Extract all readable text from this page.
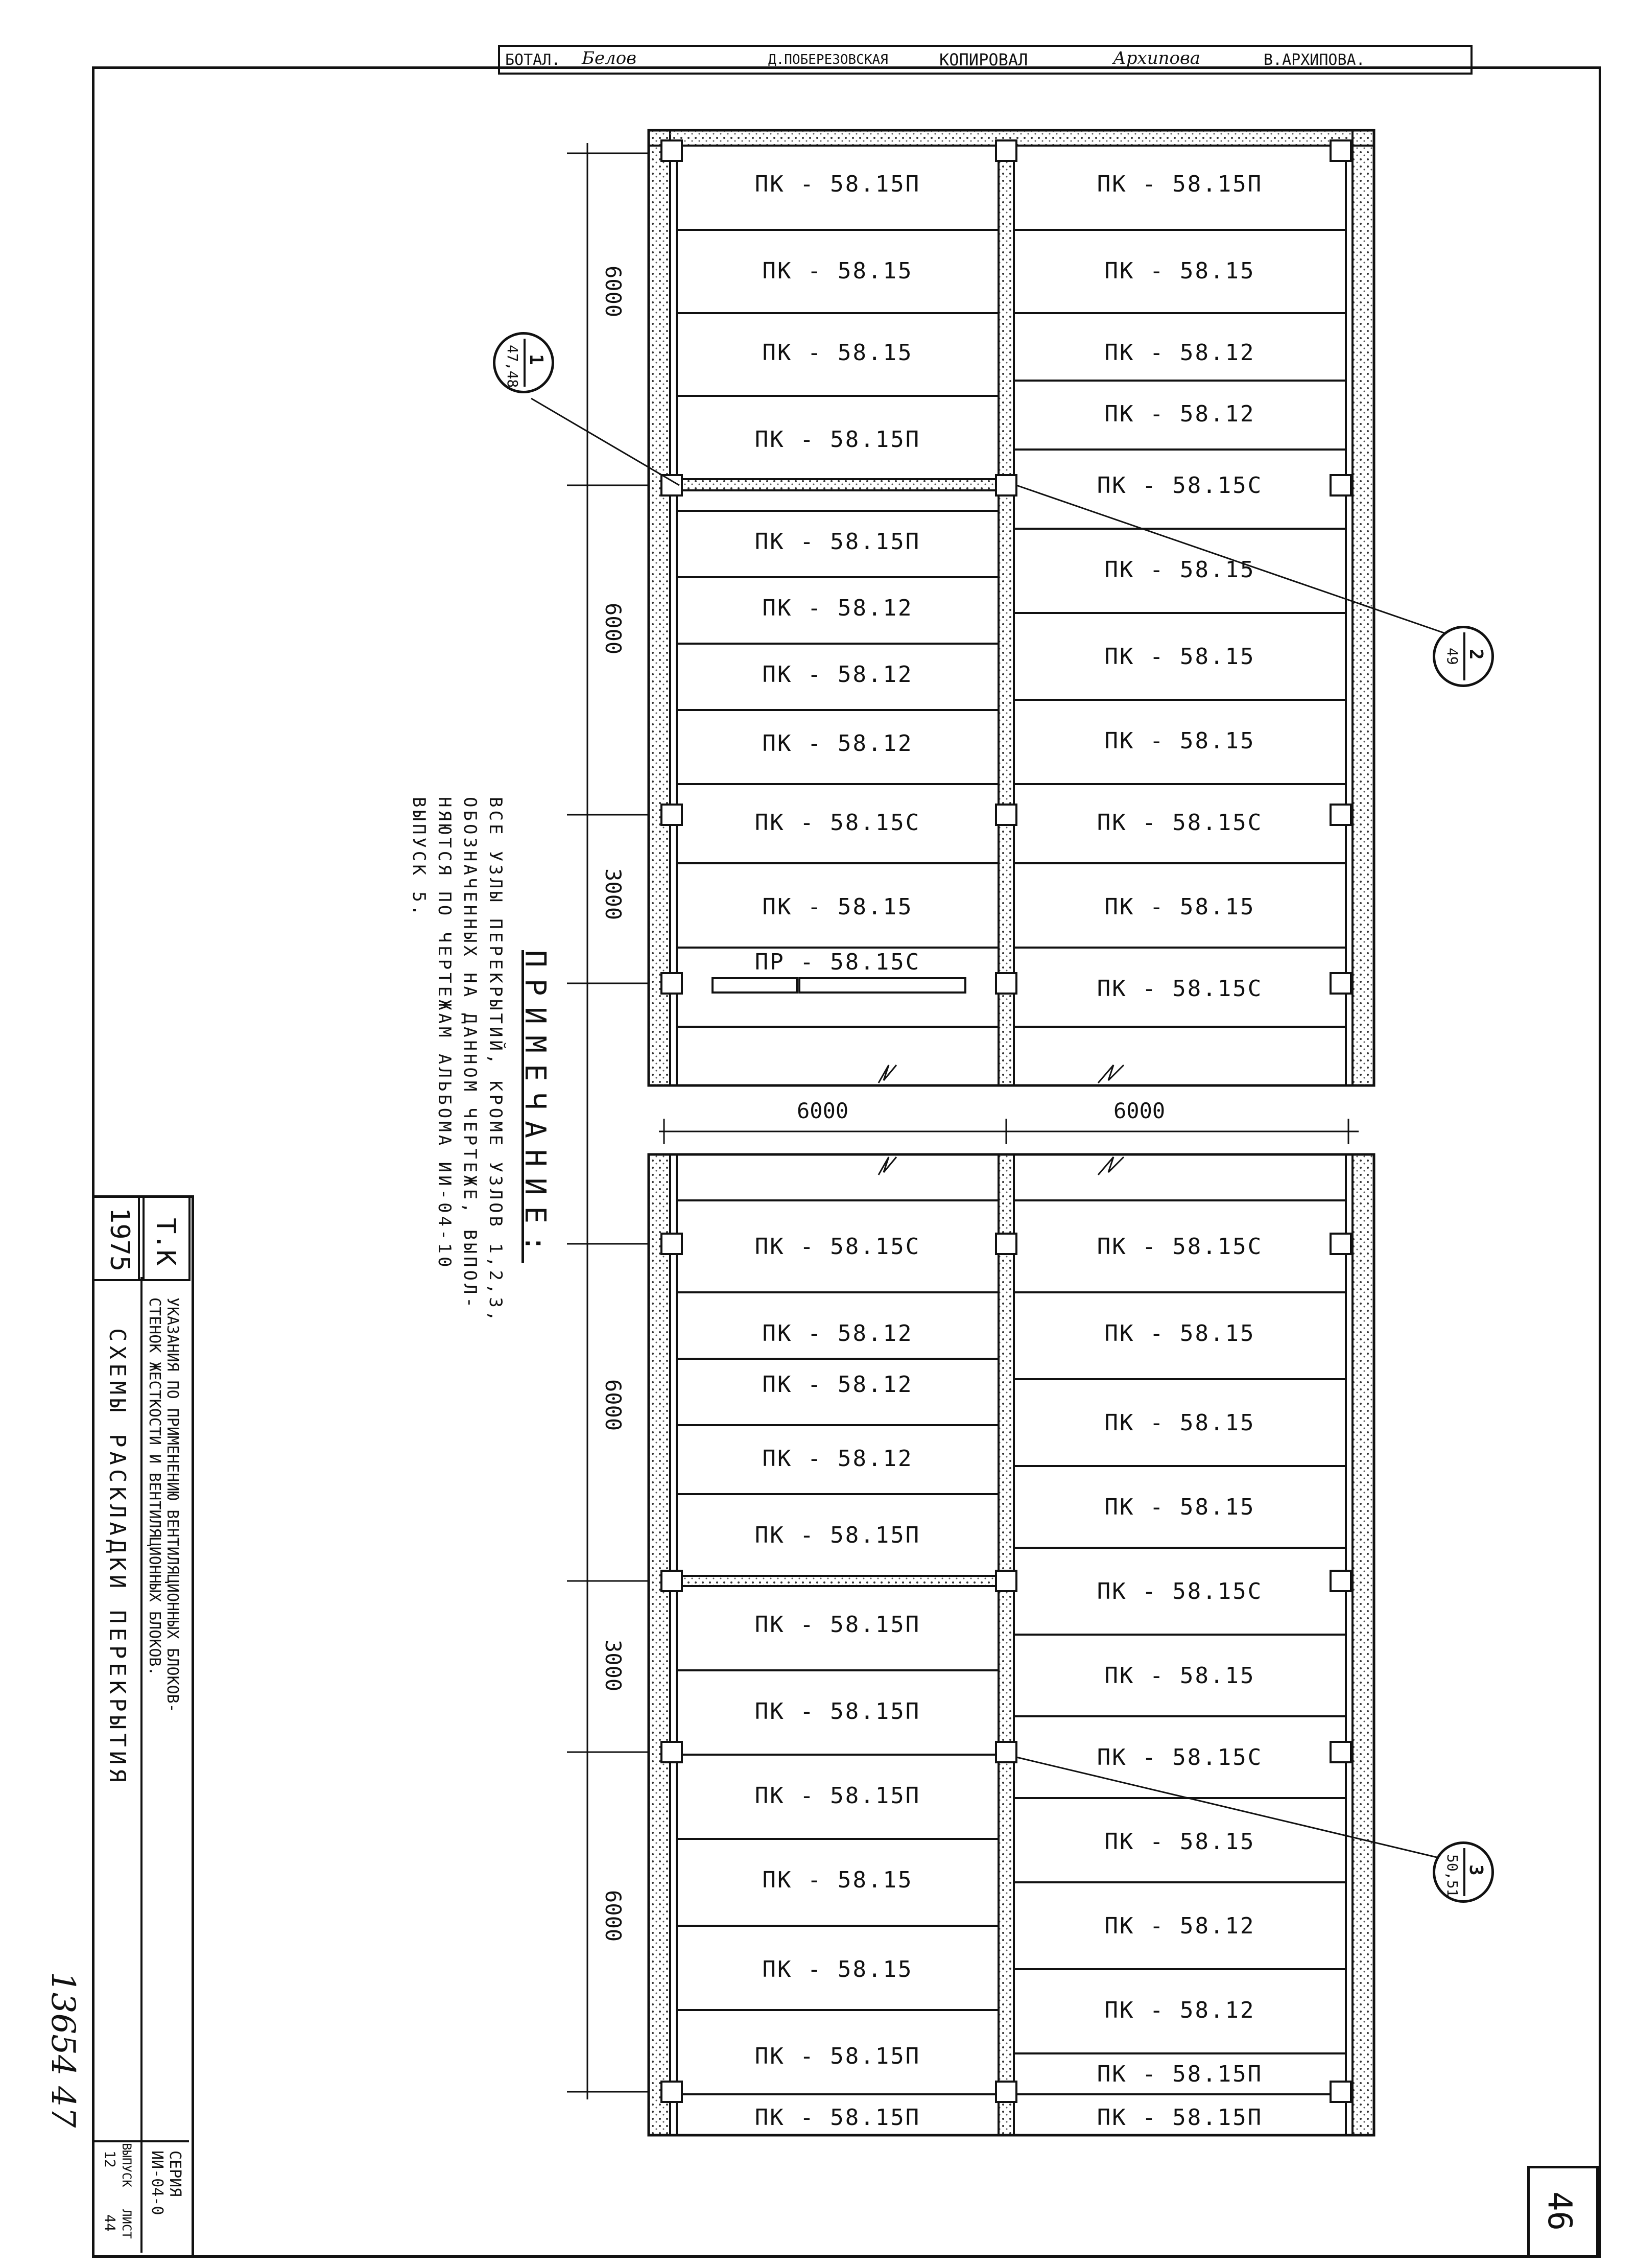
БОТАЛ. Белов	Д.ПОБЕРЕЗОВСКАЯ	КОПИРОВАЛ	Архипова	В.АРХИПОВА.
1
47,48
2
49
3
50,51
6000
6000
3000
6000
3000
6000
6000	6000
ПК - 58.15П
ПК - 58.15
ПК - 58.15
ПК - 58.15П
ПК - 58.15П
ПК - 58.12
ПК - 58.12
ПК - 58.12
ПК - 58.15С
ПК - 58.15
ПР - 58.15С
ПК - 58.15П
ПК - 58.15
ПК - 58.12
ПК - 58.12
ПК - 58.15С
ПК - 58.15
ПК - 58.15
ПК - 58.15
ПК - 58.15С
ПК - 58.15
ПК - 58.15С
ПК - 58.15С
ПК - 58.12
ПК - 58.12
ПК - 58.12
ПК - 58.15П
ПК - 58.15П
ПК - 58.15П
ПК - 58.15П
ПК - 58.15
ПК - 58.15
ПК - 58.15П
ПК - 58.15П
ПК - 58.15С
ПК - 58.15
ПК - 58.15
ПК - 58.15
ПК - 58.15С
ПК - 58.15
ПК - 58.15С
ПК - 58.15
ПК - 58.12
ПК - 58.12
ПК - 58.15П
ПК - 58.15П
ПРИМЕЧАНИЕ:
ВСЕ УЗЛЫ ПЕРЕКРЫТИЙ, КРОМЕ УЗЛОВ 1,2,3,
ОБОЗНАЧЕННЫХ НА ДАННОМ ЧЕРТЕЖЕ, ВЫПОЛ-
НЯЮТСЯ ПО ЧЕРТЕЖАМ АЛЬБОМА ИИ-04-10
ВЫПУСК 5.
Т.К
1975
УКАЗАНИЯ ПО ПРИМЕНЕНИЮ ВЕНТИЛЯЦИОННЫХ БЛОКОВ-
СТЕНОК ЖЕСТКОСТИ И ВЕНТИЛЯЦИОННЫХ БЛОКОВ.
СХЕМЫ РАСКЛАДКИ ПЕРЕКРЫТИЯ
СЕРИЯ
ИИ-04-0
ВЫПУСК
12
ЛИСТ
44
13654 47
46
